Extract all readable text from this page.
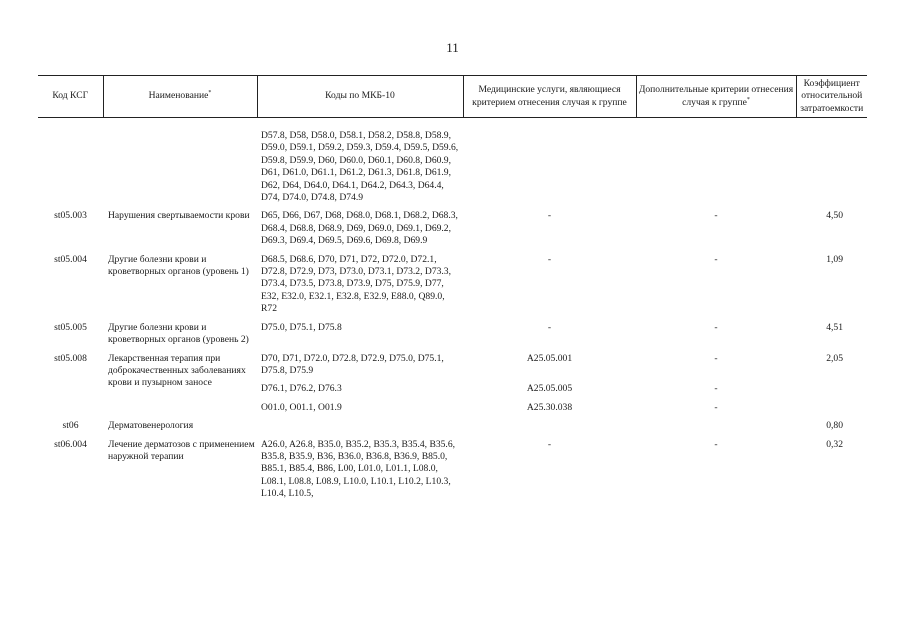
11
Код КСГ	Наименование*	Коды по МКБ-10	Медицинские услуги, являющиеся критерием отнесения случая к группе	Дополнительные критерии отнесения случая к группе*	Коэффициент относительной затратоемкости

		D57.8, D58, D58.0, D58.1, D58.2, D58.8, D58.9, D59.0, D59.1, D59.2, D59.3, D59.4, D59.5, D59.6, D59.8, D59.9, D60, D60.0, D60.1, D60.8, D60.9, D61, D61.0, D61.1, D61.2, D61.3, D61.8, D61.9, D62, D64, D64.0, D64.1, D64.2, D64.3, D64.4, D74, D74.0, D74.8, D74.9			

st05.003	Нарушения свертываемости крови	D65, D66, D67, D68, D68.0, D68.1, D68.2, D68.3, D68.4, D68.8, D68.9, D69, D69.0, D69.1, D69.2, D69.3, D69.4, D69.5, D69.6, D69.8, D69.9	-	-	4,50

st05.004	Другие болезни крови и кроветворных органов (уровень 1)	D68.5, D68.6, D70, D71, D72, D72.0, D72.1, D72.8, D72.9, D73, D73.0, D73.1, D73.2, D73.3, D73.4, D73.5, D73.8, D73.9, D75, D75.9, D77, E32, E32.0, E32.1, E32.8, E32.9, E88.0, Q89.0, R72	-	-	1,09

st05.005	Другие болезни крови и кроветворных органов (уровень 2)	D75.0, D75.1, D75.8	-	-	4,51

st05.008	Лекарственная терапия при доброкачественных заболеваниях крови и пузырном заносе	D70, D71, D72.0, D72.8, D72.9, D75.0, D75.1, D75.8, D75.9	A25.05.001	-	2,05

		D76.1, D76.2, D76.3	A25.05.005	-	

		O01.0, O01.1, O01.9	A25.30.038	-	

st06	Дерматовенерология				0,80

st06.004	Лечение дерматозов с применением наружной терапии	A26.0, A26.8, B35.0, B35.2, B35.3, B35.4, B35.6, B35.8, B35.9, B36, B36.0, B36.8, B36.9, B85.0, B85.1, B85.4, B86, L00, L01.0, L01.1, L08.0, L08.1, L08.8, L08.9, L10.0, L10.1, L10.2, L10.3, L10.4, L10.5,	-	-	0,32
